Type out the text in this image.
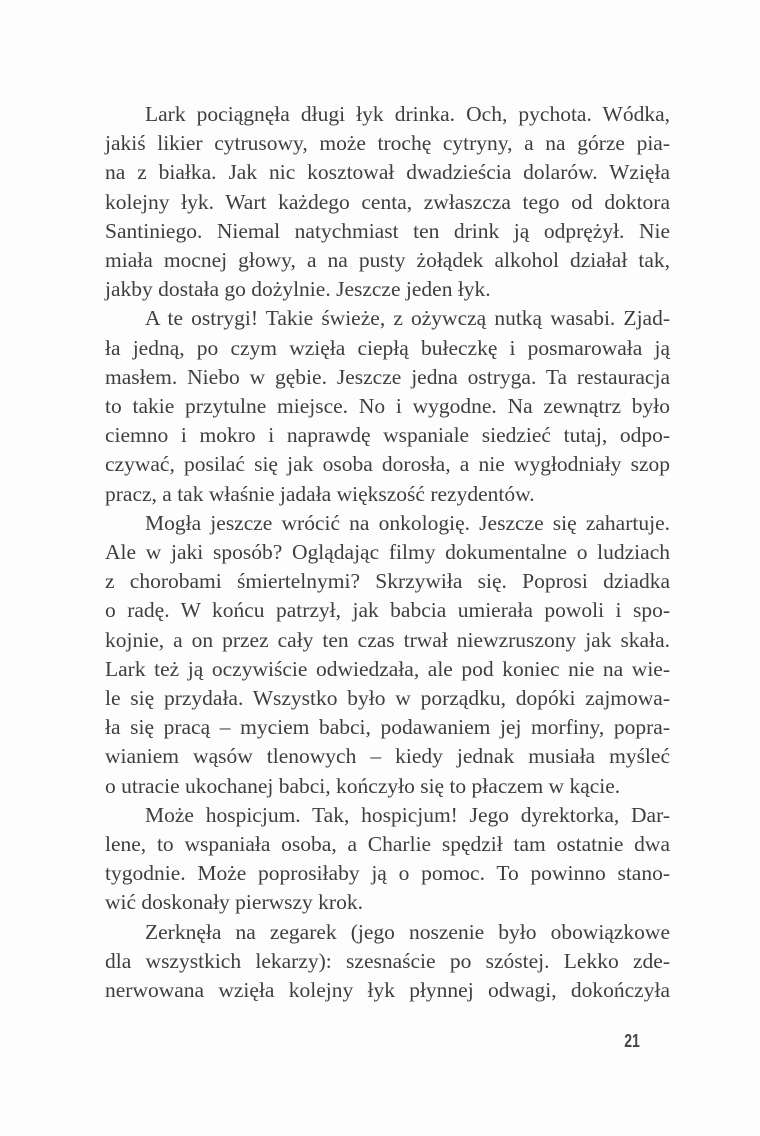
Lark pociągnęła długi łyk drinka. Och, pychota. Wódka,
jakiś likier cytrusowy, może trochę cytryny, a na górze pia-
na z białka. Jak nic kosztował dwadzieścia dolarów. Wzięła
kolejny łyk. Wart każdego centa, zwłaszcza tego od doktora
Santiniego. Niemal natychmiast ten drink ją odprężył. Nie
miała mocnej głowy, a na pusty żołądek alkohol działał tak,
jakby dostała go dożylnie. Jeszcze jeden łyk.
A te ostrygi! Takie świeże, z ożywczą nutką wasabi. Zjad-
ła jedną, po czym wzięła ciepłą bułeczkę i posmarowała ją
masłem. Niebo w gębie. Jeszcze jedna ostryga. Ta restauracja
to takie przytulne miejsce. No i wygodne. Na zewnątrz było
ciemno i mokro i naprawdę wspaniale siedzieć tutaj, odpo-
czywać, posilać się jak osoba dorosła, a nie wygłodniały szop
pracz, a tak właśnie jadała większość rezydentów.
Mogła jeszcze wrócić na onkologię. Jeszcze się zahartuje.
Ale w jaki sposób? Oglądając filmy dokumentalne o ludziach
z chorobami śmiertelnymi? Skrzywiła się. Poprosi dziadka
o radę. W końcu patrzył, jak babcia umierała powoli i spo-
kojnie, a on przez cały ten czas trwał niewzruszony jak skała.
Lark też ją oczywiście odwiedzała, ale pod koniec nie na wie-
le się przydała. Wszystko było w porządku, dopóki zajmowa-
ła się pracą – myciem babci, podawaniem jej morfiny, popra-
wianiem wąsów tlenowych – kiedy jednak musiała myśleć
o utracie ukochanej babci, kończyło się to płaczem w kącie.
Może hospicjum. Tak, hospicjum! Jego dyrektorka, Dar-
lene, to wspaniała osoba, a Charlie spędził tam ostatnie dwa
tygodnie. Może poprosiłaby ją o pomoc. To powinno stano-
wić doskonały pierwszy krok.
Zerknęła na zegarek (jego noszenie było obowiązkowe
dla wszystkich lekarzy): szesnaście po szóstej. Lekko zde-
nerwowana wzięła kolejny łyk płynnej odwagi, dokończyła
21
